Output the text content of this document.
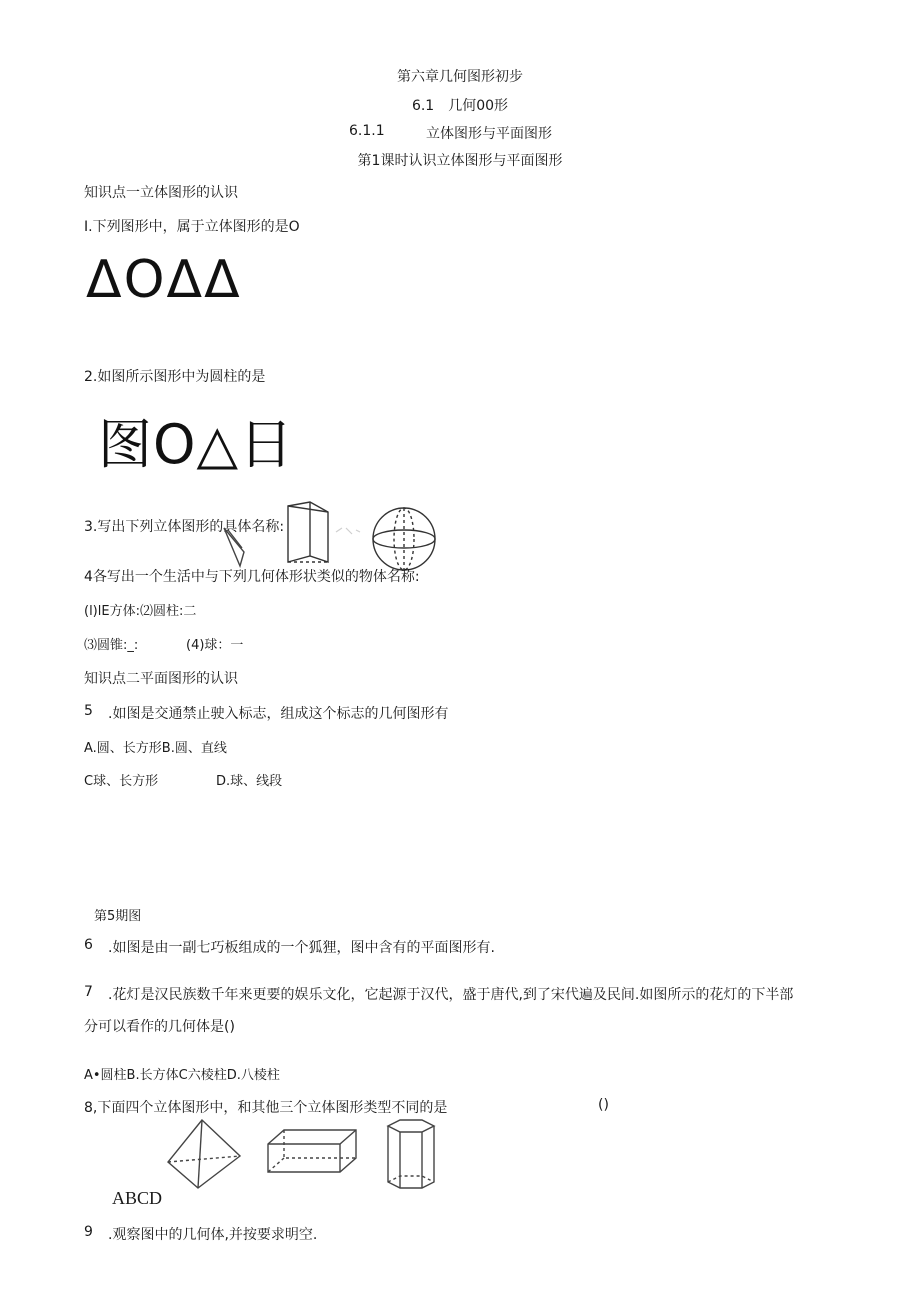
第六章几何图形初步
6.1　几何00形
6.1.1	立体图形与平面图形
第1课时认识立体图形与平面图形
知识点一立体图形的认识
I.下列图形中，属于立体图形的是O
ΔOΔΔ
2.如图所示图形中为圆柱的是
图O△日
3.写出下列立体图形的具体名称:
4各写出一个生活中与下列几何体形状类似的物体名称:
(l)lE方体:⑵圆柱:二
⑶圆锥:_:	(4)球：一
知识点二平面图形的认识
5 .如图是交通禁止驶入标志，组成这个标志的几何图形有
A.圆、长方形B.圆、直线
C球、长方形	D.球、线段
第5期图
6 .如图是由一副七巧板组成的一个狐狸，图中含有的平面图形有.
7 .花灯是汉民族数千年来更要的娱乐文化，它起源于汉代，盛于唐代,到了宋代遍及民间.如图所示的花灯的下半部
分可以看作的几何体是()
A•圆柱B.长方体C六棱柱D.八棱柱
8,下面四个立体图形中，和其他三个立体图形类型不同的是	()
ABCD
9 .观察图中的几何体,并按要求明空.
